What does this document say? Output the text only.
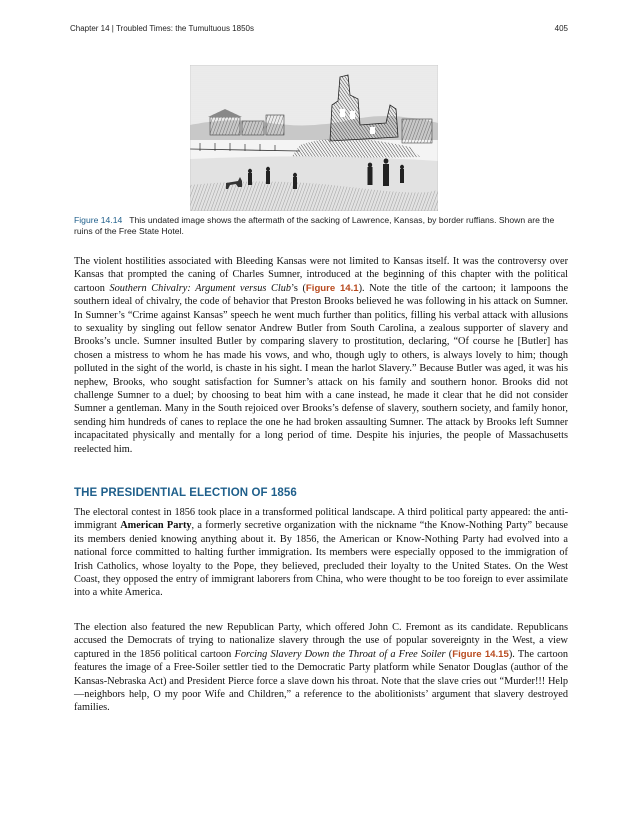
Chapter 14 | Troubled Times: the Tumultuous 1850s	405
Figure 14.14 This undated image shows the aftermath of the sacking of Lawrence, Kansas, by border ruffians. Shown are the ruins of the Free State Hotel.

The violent hostilities associated with Bleeding Kansas were not limited to Kansas itself. It was the controversy over Kansas that prompted the caning of Charles Sumner, introduced at the beginning of this chapter with the political cartoon Southern Chivalry: Argument versus Club’s (Figure 14.1). Note the title of the cartoon; it lampoons the southern ideal of chivalry, the code of behavior that Preston Brooks believed he was following in his attack on Sumner. In Sumner’s “Crime against Kansas” speech he went much further than politics, filling his verbal attack with allusions to sexuality by singling out fellow senator Andrew Butler from South Carolina, a zealous supporter of slavery and Brooks’s uncle. Sumner insulted Butler by comparing slavery to prostitution, declaring, “Of course he [Butler] has chosen a mistress to whom he has made his vows, and who, though ugly to others, is always lovely to him; though polluted in the sight of the world, is chaste in his sight. I mean the harlot Slavery.” Because Butler was aged, it was his nephew, Brooks, who sought satisfaction for Sumner’s attack on his family and southern honor. Brooks did not challenge Sumner to a duel; by choosing to beat him with a cane instead, he made it clear that he did not consider Sumner a gentleman. Many in the South rejoiced over Brooks’s defense of slavery, southern society, and family honor, sending him hundreds of canes to replace the one he had broken assaulting Sumner. The attack by Brooks left Sumner incapacitated physically and mentally for a long period of time. Despite his injuries, the people of Massachusetts reelected him.

THE PRESIDENTIAL ELECTION OF 1856

The electoral contest in 1856 took place in a transformed political landscape. A third political party appeared: the anti-immigrant American Party, a formerly secretive organization with the nickname “the Know-Nothing Party” because its members denied knowing anything about it. By 1856, the American or Know-Nothing Party had evolved into a national force committed to halting further immigration. Its members were especially opposed to the immigration of Irish Catholics, whose loyalty to the Pope, they believed, precluded their loyalty to the United States. On the West Coast, they opposed the entry of immigrant laborers from China, who were thought to be too foreign to ever assimilate into a white America.

The election also featured the new Republican Party, which offered John C. Fremont as its candidate. Republicans accused the Democrats of trying to nationalize slavery through the use of popular sovereignty in the West, a view captured in the 1856 political cartoon Forcing Slavery Down the Throat of a Free Soiler (Figure 14.15). The cartoon features the image of a Free-Soiler settler tied to the Democratic Party platform while Senator Douglas (author of the Kansas-Nebraska Act) and President Pierce force a slave down his throat. Note that the slave cries out “Murder!!! Help—neighbors help, O my poor Wife and Children,” a reference to the abolitionists’ argument that slavery destroyed families.
